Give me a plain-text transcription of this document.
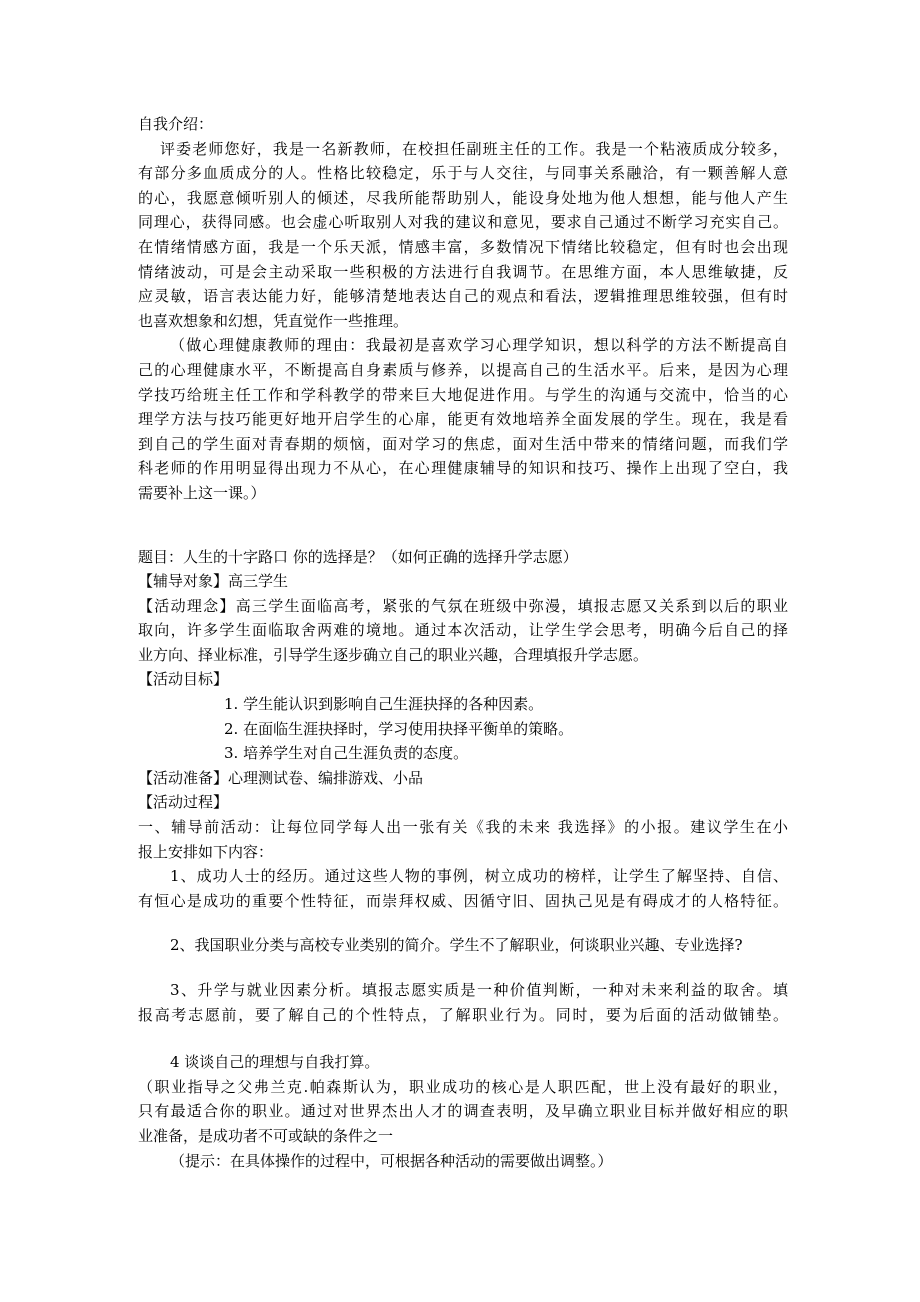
自我介绍：

评委老师您好，我是一名新教师，在校担任副班主任的工作。我是一个粘液质成分较多，

有部分多血质成分的人。性格比较稳定，乐于与人交往，与同事关系融洽，有一颗善解人意

的心，我愿意倾听别人的倾述，尽我所能帮助别人，能设身处地为他人想想，能与他人产生

同理心，获得同感。也会虚心听取别人对我的建议和意见，要求自己通过不断学习充实自己。

在情绪情感方面，我是一个乐天派，情感丰富，多数情况下情绪比较稳定，但有时也会出现

情绪波动，可是会主动采取一些积极的方法进行自我调节。在思维方面，本人思维敏捷，反

应灵敏，语言表达能力好，能够清楚地表达自己的观点和看法，逻辑推理思维较强，但有时

也喜欢想象和幻想，凭直觉作一些推理。

（做心理健康教师的理由：我最初是喜欢学习心理学知识，想以科学的方法不断提高自

己的心理健康水平，不断提高自身素质与修养，以提高自己的生活水平。后来，是因为心理

学技巧给班主任工作和学科教学的带来巨大地促进作用。与学生的沟通与交流中，恰当的心

理学方法与技巧能更好地开启学生的心扉，能更有效地培养全面发展的学生。现在，我是看

到自己的学生面对青春期的烦恼，面对学习的焦虑，面对生活中带来的情绪问题，而我们学

科老师的作用明显得出现力不从心，在心理健康辅导的知识和技巧、操作上出现了空白，我

需要补上这一课。）

题目：人生的十字路口 你的选择是？（如何正确的选择升学志愿）

【辅导对象】高三学生

【活动理念】高三学生面临高考，紧张的气氛在班级中弥漫，填报志愿又关系到以后的职业

取向，许多学生面临取舍两难的境地。通过本次活动，让学生学会思考，明确今后自己的择

业方向、择业标准，引导学生逐步确立自己的职业兴趣，合理填报升学志愿。

【活动目标】

1. 学生能认识到影响自己生涯抉择的各种因素。

2. 在面临生涯抉择时，学习使用抉择平衡单的策略。

3. 培养学生对自己生涯负责的态度。

【活动准备】心理测试卷、编排游戏、小品

【活动过程】

一、辅导前活动：让每位同学每人出一张有关《我的未来 我选择》的小报。建议学生在小

报上安排如下内容：

1、成功人士的经历。通过这些人物的事例，树立成功的榜样，让学生了解坚持、自信、

有恒心是成功的重要个性特征，而崇拜权威、因循守旧、固执己见是有碍成才的人格特征。

2、我国职业分类与高校专业类别的简介。学生不了解职业，何谈职业兴趣、专业选择?

3、升学与就业因素分析。填报志愿实质是一种价值判断，一种对未来利益的取舍。填

报高考志愿前，要了解自己的个性特点，了解职业行为。同时，要为后面的活动做铺垫。

4 谈谈自己的理想与自我打算。

（职业指导之父弗兰克.帕森斯认为，职业成功的核心是人职匹配，世上没有最好的职业，

只有最适合你的职业。通过对世界杰出人才的调查表明，及早确立职业目标并做好相应的职

业准备，是成功者不可或缺的条件之一

（提示：在具体操作的过程中，可根据各种活动的需要做出调整。）
